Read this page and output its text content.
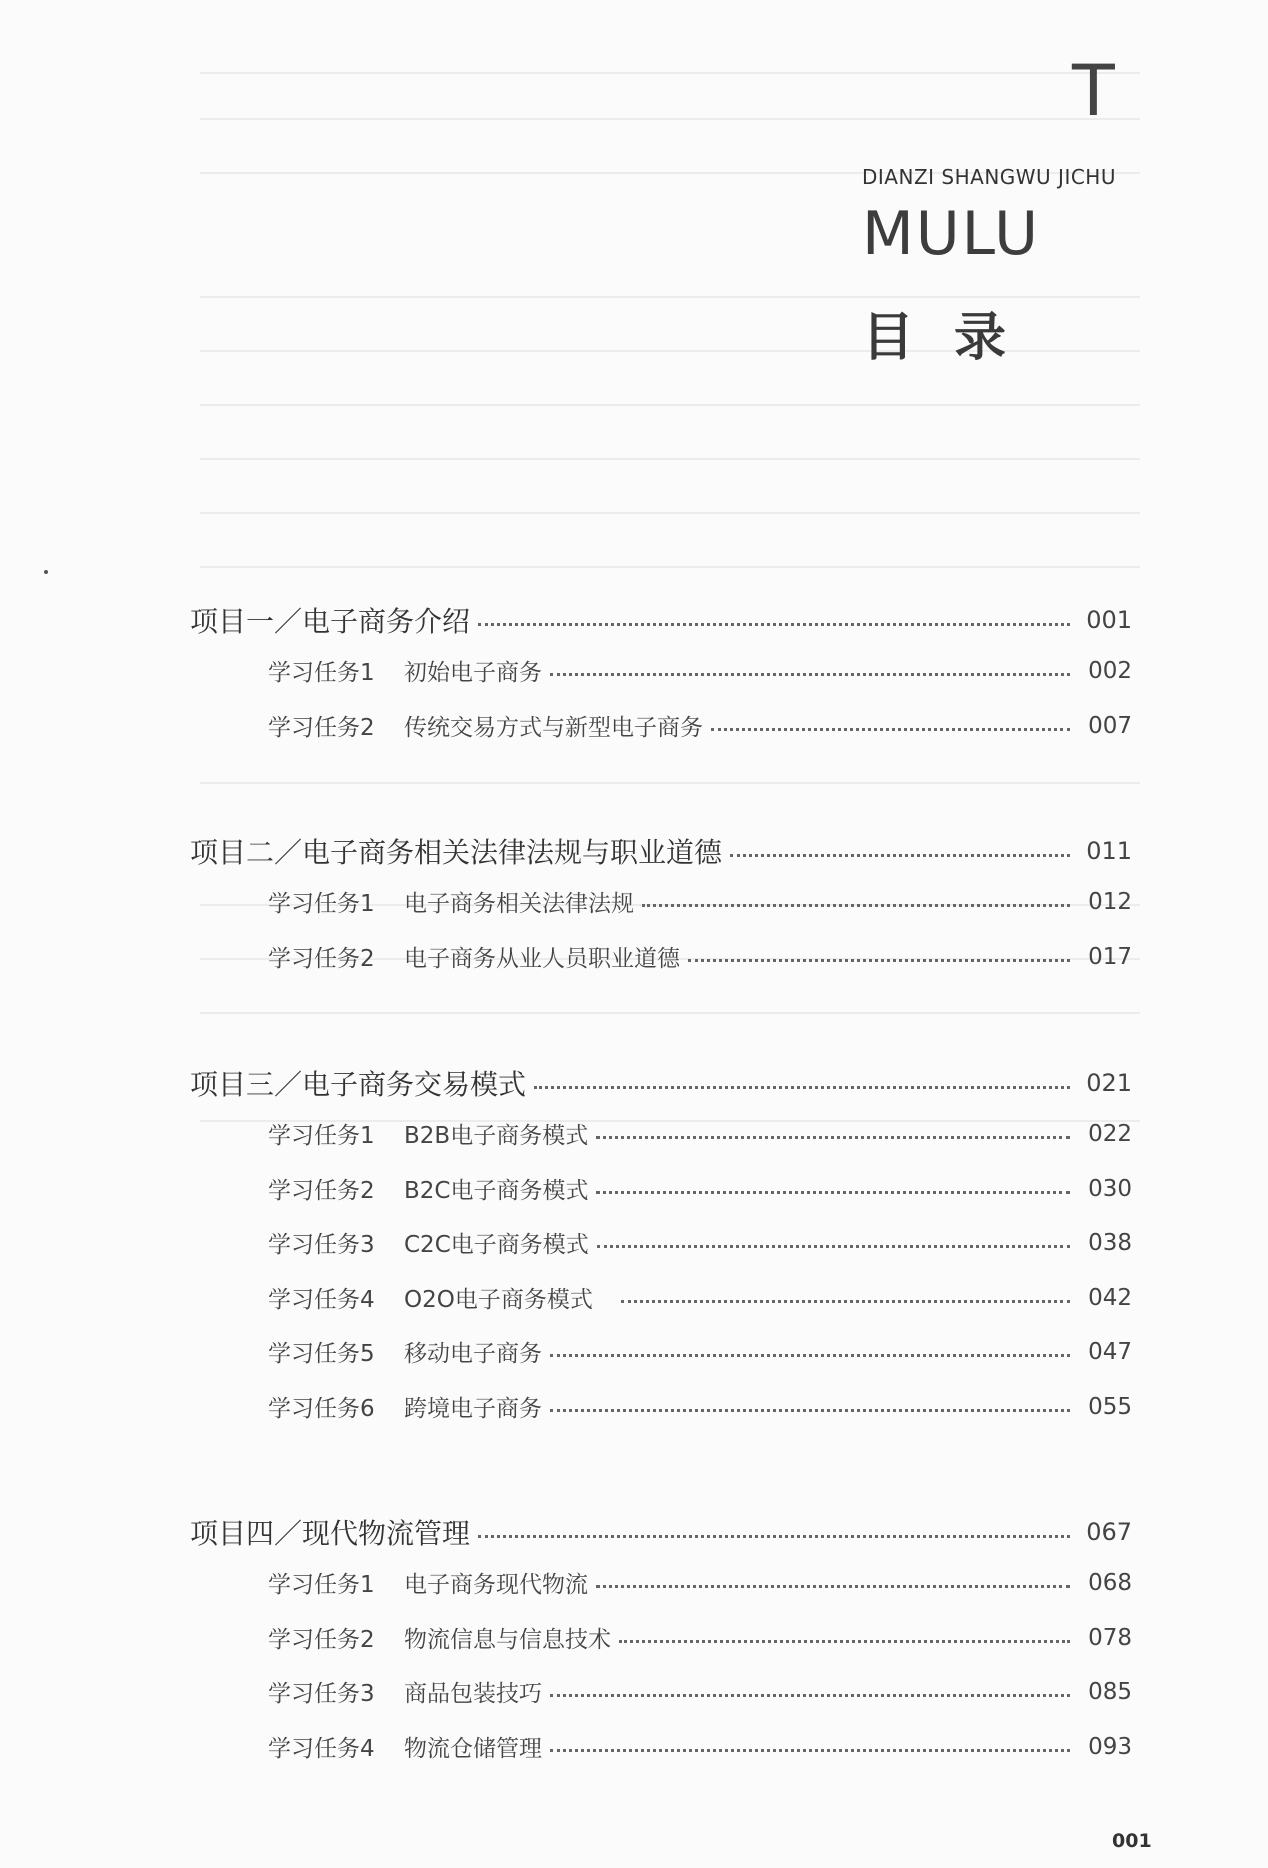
T
DIANZI SHANGWU JICHU
MULU
目录
项目一／电子商务介绍	001
学习任务1	初始电子商务	002
学习任务2	传统交易方式与新型电子商务	007
项目二／电子商务相关法律法规与职业道德	011
学习任务1	电子商务相关法律法规	012
学习任务2	电子商务从业人员职业道德	017
项目三／电子商务交易模式	021
学习任务1	B2B电子商务模式	022
学习任务2	B2C电子商务模式	030
学习任务3	C2C电子商务模式	038
学习任务4	O2O电子商务模式	042
学习任务5	移动电子商务	047
学习任务6	跨境电子商务	055
项目四／现代物流管理	067
学习任务1	电子商务现代物流	068
学习任务2	物流信息与信息技术	078
学习任务3	商品包装技巧	085
学习任务4	物流仓储管理	093
001
